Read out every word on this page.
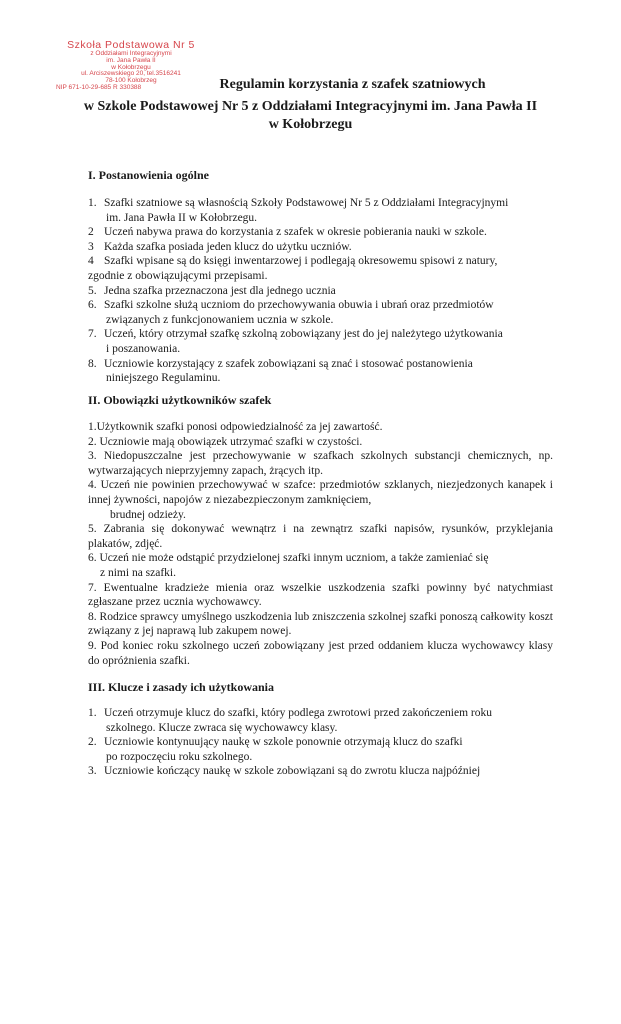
Szkoła Podstawowa Nr 5
z Oddziałami Integracyjnymi
im. Jana Pawła II
w Kołobrzegu
ul. Arciszewskiego 20, tel.3516241
78-100 Kołobrzeg
NIP 671-10-29-685 R 330388	Regulamin korzystania z szafek szatniowych
w Szkole Podstawowej Nr 5 z Oddziałami Integracyjnymi im. Jana Pawła II
w Kołobrzegu
I. Postanowienia ogólne

1. Szafki szatniowe są własnością Szkoły Podstawowej Nr 5 z Oddziałami Integracyjnymi

im. Jana Pawła II w Kołobrzegu.

2 Uczeń nabywa prawa do korzystania z szafek w okresie pobierania nauki w szkole.

3 Każda szafka posiada jeden klucz do użytku uczniów.

4 Szafki wpisane są do księgi inwentarzowej i podlegają okresowemu spisowi z natury,

zgodnie z obowiązującymi przepisami.

5. Jedna szafka przeznaczona jest dla jednego ucznia

6. Szafki szkolne służą uczniom do przechowywania obuwia i ubrań oraz przedmiotów

związanych z funkcjonowaniem ucznia w szkole.

7. Uczeń, który otrzymał szafkę szkolną zobowiązany jest do jej należytego użytkowania

i poszanowania.

8. Uczniowie korzystający z szafek zobowiązani są znać i stosować postanowienia

niniejszego Regulaminu.

II. Obowiązki użytkowników szafek

1.Użytkownik szafki ponosi odpowiedzialność za jej zawartość.

2. Uczniowie mają obowiązek utrzymać szafki w czystości.

3. Niedopuszczalne jest przechowywanie w szafkach szkolnych substancji chemicznych, np. wytwarzających nieprzyjemny zapach, żrących itp.

4. Uczeń nie powinien przechowywać w szafce: przedmiotów szklanych, niezjedzonych kanapek i innej żywności, napojów z niezabezpieczonym zamknięciem,

brudnej odzieży.

5. Zabrania się dokonywać wewnątrz i na zewnątrz szafki napisów, rysunków, przyklejania plakatów, zdjęć.

6. Uczeń nie może odstąpić przydzielonej szafki innym uczniom, a także zamieniać się

z nimi na szafki.

7. Ewentualne kradzieże mienia oraz wszelkie uszkodzenia szafki powinny być natychmiast zgłaszane przez ucznia wychowawcy.

8. Rodzice sprawcy umyślnego uszkodzenia lub zniszczenia szkolnej szafki ponoszą całkowity koszt związany z jej naprawą lub zakupem nowej.

9. Pod koniec roku szkolnego uczeń zobowiązany jest przed oddaniem klucza wychowawcy klasy do opróżnienia szafki.

III. Klucze i zasady ich użytkowania

1. Uczeń otrzymuje klucz do szafki, który podlega zwrotowi przed zakończeniem roku

szkolnego. Klucze zwraca się wychowawcy klasy.

2. Uczniowie kontynuujący naukę w szkole ponownie otrzymają klucz do szafki

po rozpoczęciu roku szkolnego.

3. Uczniowie kończący naukę w szkole zobowiązani są do zwrotu klucza najpóźniej
